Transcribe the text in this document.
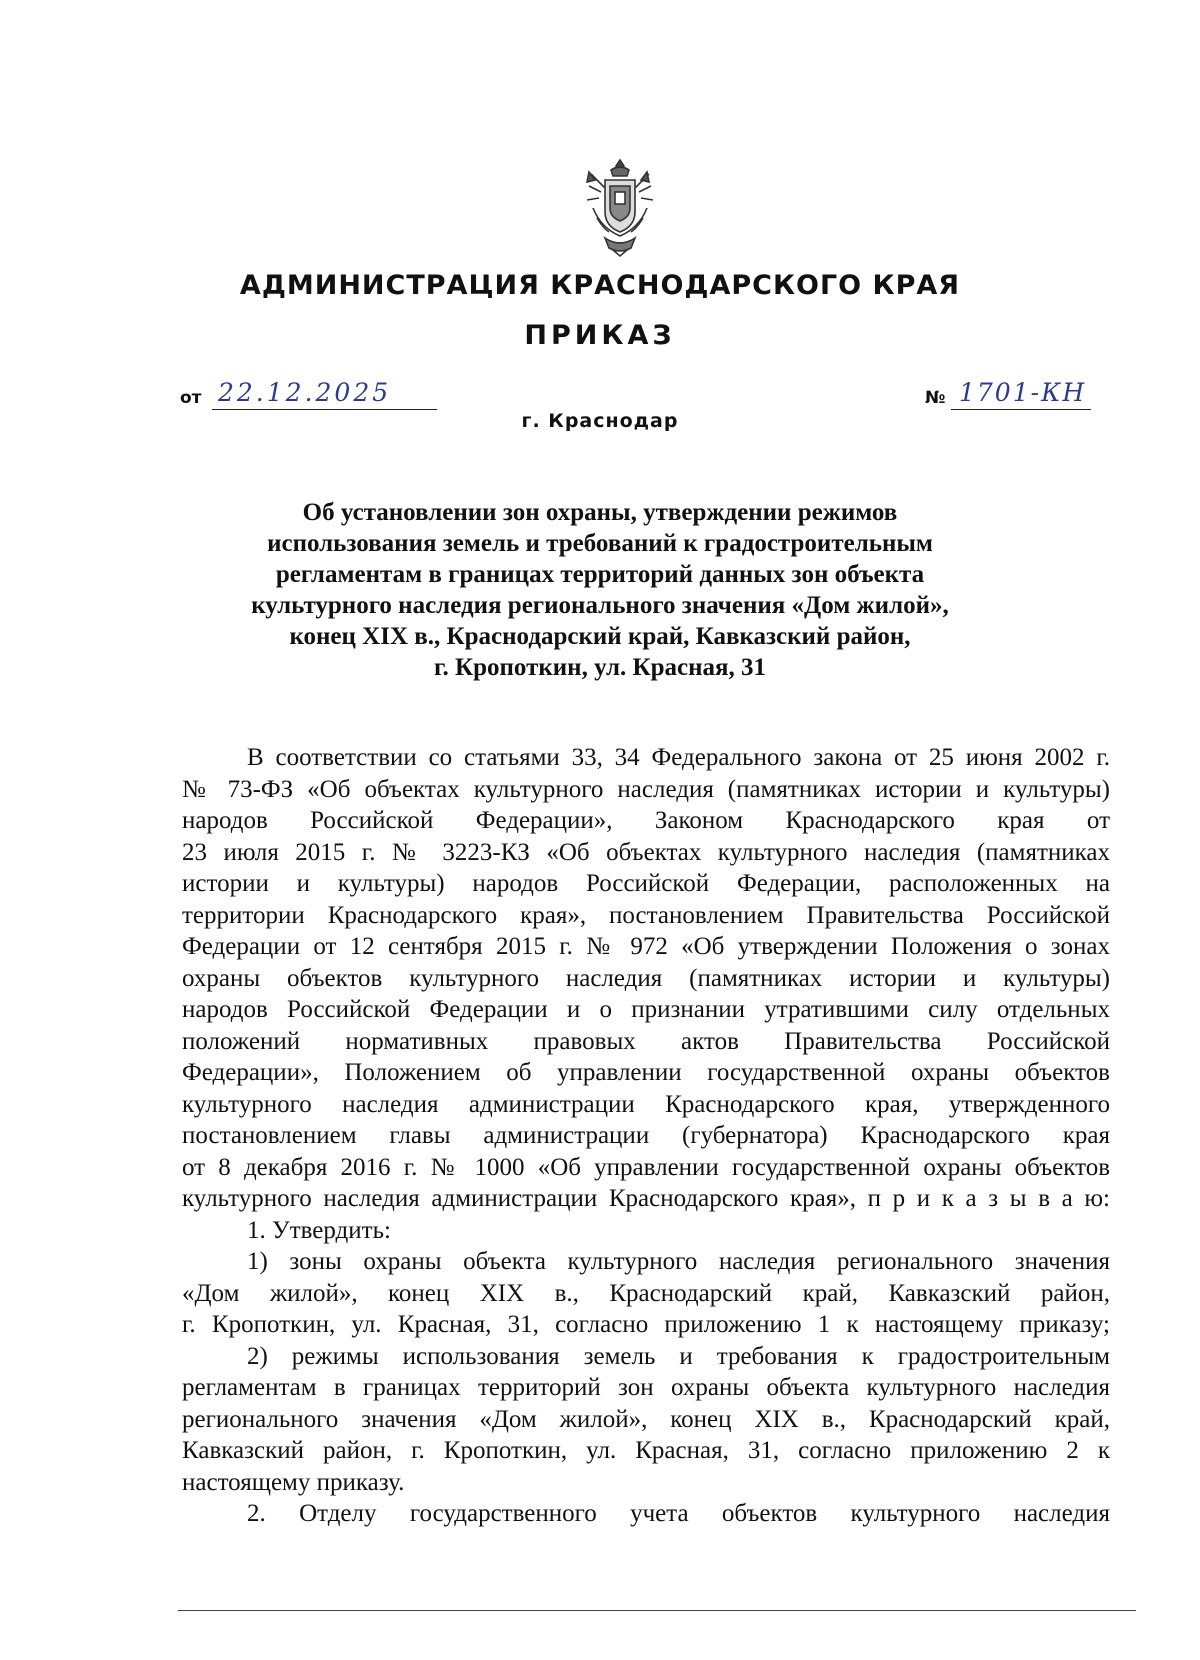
АДМИНИСТРАЦИЯ КРАСНОДАРСКОГО КРАЯ
ПРИКАЗ
от 22.12.2025	№ 1701-КН
г. Краснодар
Об установлении зон охраны, утверждении режимов
использования земель и требований к градостроительным
регламентам в границах территорий данных зон объекта
культурного наследия регионального значения «Дом жилой»,
конец XIX в., Краснодарский край, Кавказский район,
г. Кропоткин, ул. Красная, 31
В соответствии со статьями 33, 34 Федерального закона от 25 июня 2002 г.
№ 73-ФЗ «Об объектах культурного наследия (памятниках истории и культуры)
народов Российской Федерации», Законом Краснодарского края от
23 июля 2015 г. № 3223-КЗ «Об объектах культурного наследия (памятниках
истории и культуры) народов Российской Федерации, расположенных на
территории Краснодарского края», постановлением Правительства Российской
Федерации от 12 сентября 2015 г. № 972 «Об утверждении Положения о зонах
охраны объектов культурного наследия (памятниках истории и культуры)
народов Российской Федерации и о признании утратившими силу отдельных
положений нормативных правовых актов Правительства Российской
Федерации», Положением об управлении государственной охраны объектов
культурного наследия администрации Краснодарского края, утвержденного
постановлением главы администрации (губернатора) Краснодарского края
от 8 декабря 2016 г. № 1000 «Об управлении государственной охраны объектов
культурного наследия администрации Краснодарского края», п р и к а з ы в а ю:
1. Утвердить:
1) зоны охраны объекта культурного наследия регионального значения
«Дом жилой», конец XIX в., Краснодарский край, Кавказский район,
г. Кропоткин, ул. Красная, 31, согласно приложению 1 к настоящему приказу;
2) режимы использования земель и требования к градостроительным
регламентам в границах территорий зон охраны объекта культурного наследия
регионального значения «Дом жилой», конец XIX в., Краснодарский край,
Кавказский район, г. Кропоткин, ул. Красная, 31, согласно приложению 2 к
настоящему приказу.
2. Отделу государственного учета объектов культурного наследия
